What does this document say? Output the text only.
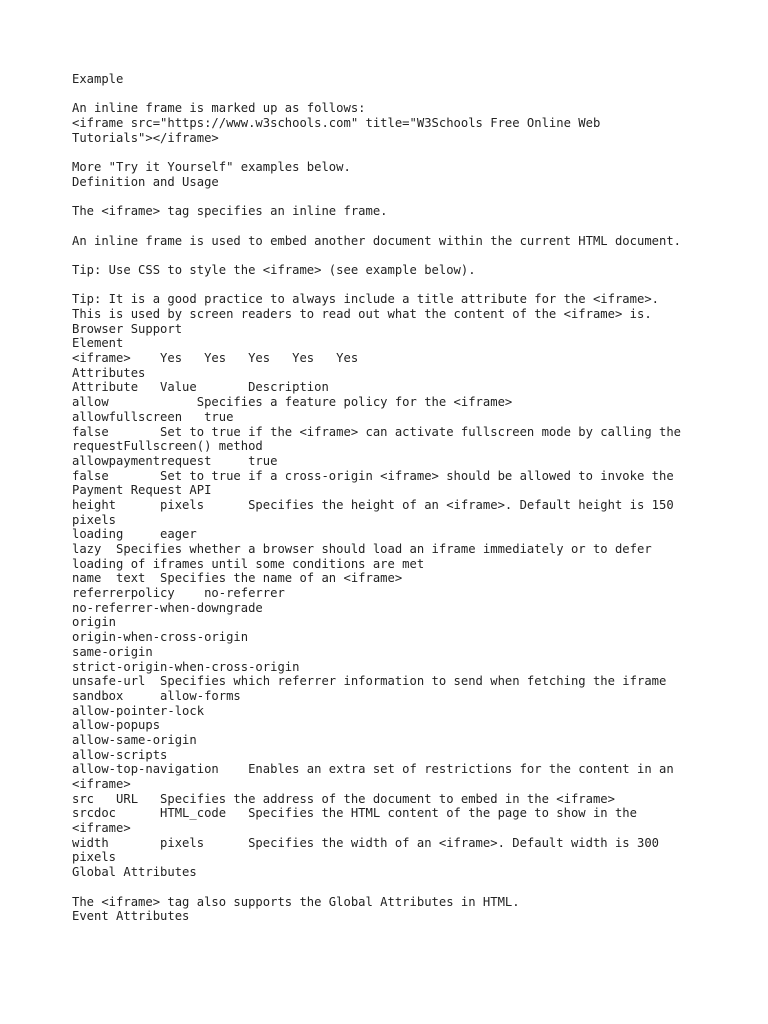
Example
An inline frame is marked up as follows:
<iframe src="https://www.w3schools.com" title="W3Schools Free Online Web
Tutorials"></iframe>
More "Try it Yourself" examples below.
Definition and Usage
The <iframe> tag specifies an inline frame.
An inline frame is used to embed another document within the current HTML document.
Tip: Use CSS to style the <iframe> (see example below).
Tip: It is a good practice to always include a title attribute for the <iframe>.
This is used by screen readers to read out what the content of the <iframe> is.
Browser Support
Element
<iframe>    Yes   Yes   Yes   Yes   Yes
Attributes
Attribute   Value       Description
allow            Specifies a feature policy for the <iframe>
allowfullscreen   true
false       Set to true if the <iframe> can activate fullscreen mode by calling the
requestFullscreen() method
allowpaymentrequest     true
false       Set to true if a cross-origin <iframe> should be allowed to invoke the
Payment Request API
height      pixels      Specifies the height of an <iframe>. Default height is 150
pixels
loading     eager
lazy  Specifies whether a browser should load an iframe immediately or to defer
loading of iframes until some conditions are met
name  text  Specifies the name of an <iframe>
referrerpolicy    no-referrer
no-referrer-when-downgrade
origin
origin-when-cross-origin
same-origin
strict-origin-when-cross-origin
unsafe-url  Specifies which referrer information to send when fetching the iframe
sandbox     allow-forms
allow-pointer-lock
allow-popups
allow-same-origin
allow-scripts
allow-top-navigation    Enables an extra set of restrictions for the content in an
<iframe>
src   URL   Specifies the address of the document to embed in the <iframe>
srcdoc      HTML_code   Specifies the HTML content of the page to show in the
<iframe>
width       pixels      Specifies the width of an <iframe>. Default width is 300
pixels
Global Attributes
The <iframe> tag also supports the Global Attributes in HTML.
Event Attributes
